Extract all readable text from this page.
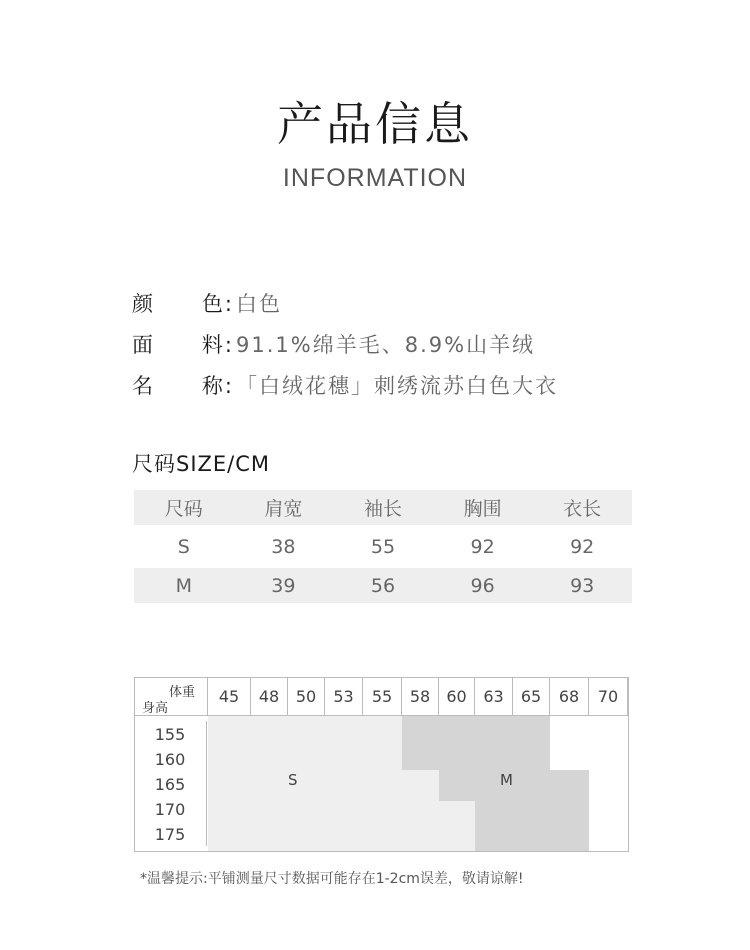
产品信息
INFORMATION
颜 色: 白色
面 料: 91.1%绵羊毛、8.9%山羊绒
名 称: 「白绒花穗」刺绣流苏白色大衣
尺码SIZE/CM
尺码	肩宽	袖长	胸围	衣长
S	38	55	92	92
M	39	56	96	93
S	M
体重
身高
45	48	50	53	55	58	60	63	65	68	70
155
160
165
170
175
*温馨提示:平铺测量尺寸数据可能存在1-2cm误差，敬请谅解!
